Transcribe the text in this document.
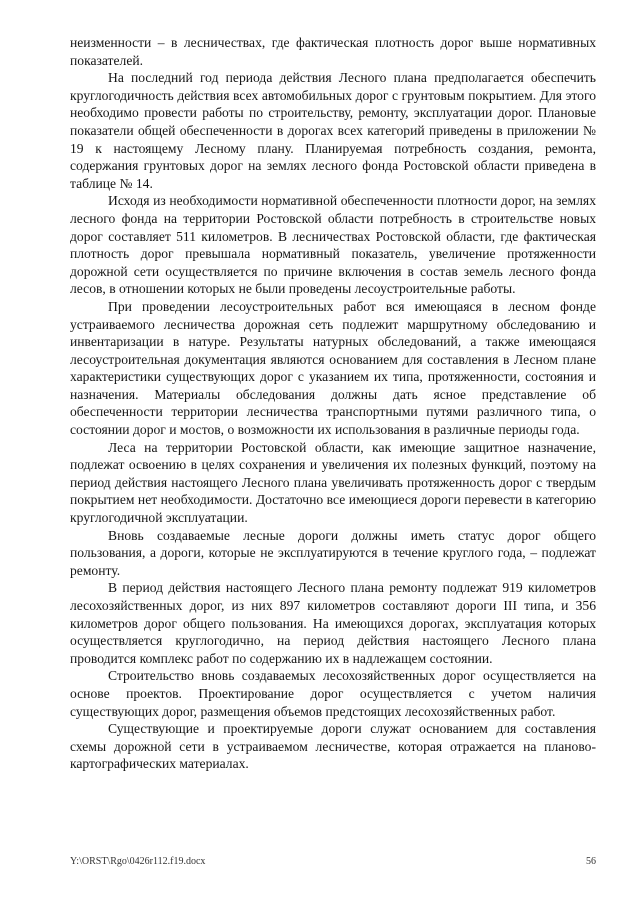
неизменности – в лесничествах, где фактическая плотность дорог выше нормативных показателей.

На последний год периода действия Лесного плана предполагается обеспечить круглогодичность действия всех автомобильных дорог с грунтовым покрытием. Для этого необходимо провести работы по строительству, ремонту, эксплуатации дорог. Плановые показатели общей обеспеченности в дорогах всех категорий приведены в приложении № 19 к настоящему Лесному плану. Планируемая потребность создания, ремонта, содержания грунтовых дорог на землях лесного фонда Ростовской области приведена в таблице № 14.

Исходя из необходимости нормативной обеспеченности плотности дорог, на землях лесного фонда на территории Ростовской области потребность в строительстве новых дорог составляет 511 километров. В лесничествах Ростовской области, где фактическая плотность дорог превышала нормативный показатель, увеличение протяженности дорожной сети осуществляется по причине включения в состав земель лесного фонда лесов, в отношении которых не были проведены лесоустроительные работы.

При проведении лесоустроительных работ вся имеющаяся в лесном фонде устраиваемого лесничества дорожная сеть подлежит маршрутному обследованию и инвентаризации в натуре. Результаты натурных обследований, а также имеющаяся лесоустроительная документация являются основанием для составления в Лесном плане характеристики существующих дорог с указанием их типа, протяженности, состояния и назначения. Материалы обследования должны дать ясное представление об обеспеченности территории лесничества транспортными путями различного типа, о состоянии дорог и мостов, о возможности их использования в различные периоды года.

Леса на территории Ростовской области, как имеющие защитное назначение, подлежат освоению в целях сохранения и увеличения их полезных функций, поэтому на период действия настоящего Лесного плана увеличивать протяженность дорог с твердым покрытием нет необходимости. Достаточно все имеющиеся дороги перевести в категорию круглогодичной эксплуатации.

Вновь создаваемые лесные дороги должны иметь статус дорог общего пользования, а дороги, которые не эксплуатируются в течение круглого года, – подлежат ремонту.

В период действия настоящего Лесного плана ремонту подлежат 919 километров лесохозяйственных дорог, из них 897 километров составляют дороги III типа, и 356 километров дорог общего пользования. На имеющихся дорогах, эксплуатация которых осуществляется круглогодично, на период действия настоящего Лесного плана проводится комплекс работ по содержанию их в надлежащем состоянии.

Строительство вновь создаваемых лесохозяйственных дорог осуществляется на основе проектов. Проектирование дорог осуществляется с учетом наличия существующих дорог, размещения объемов предстоящих лесохозяйственных работ.

Существующие и проектируемые дороги служат основанием для составления схемы дорожной сети в устраиваемом лесничестве, которая отражается на планово-картографических материалах.

Y:\ORST\Rgo\0426r112.f19.docx	56
